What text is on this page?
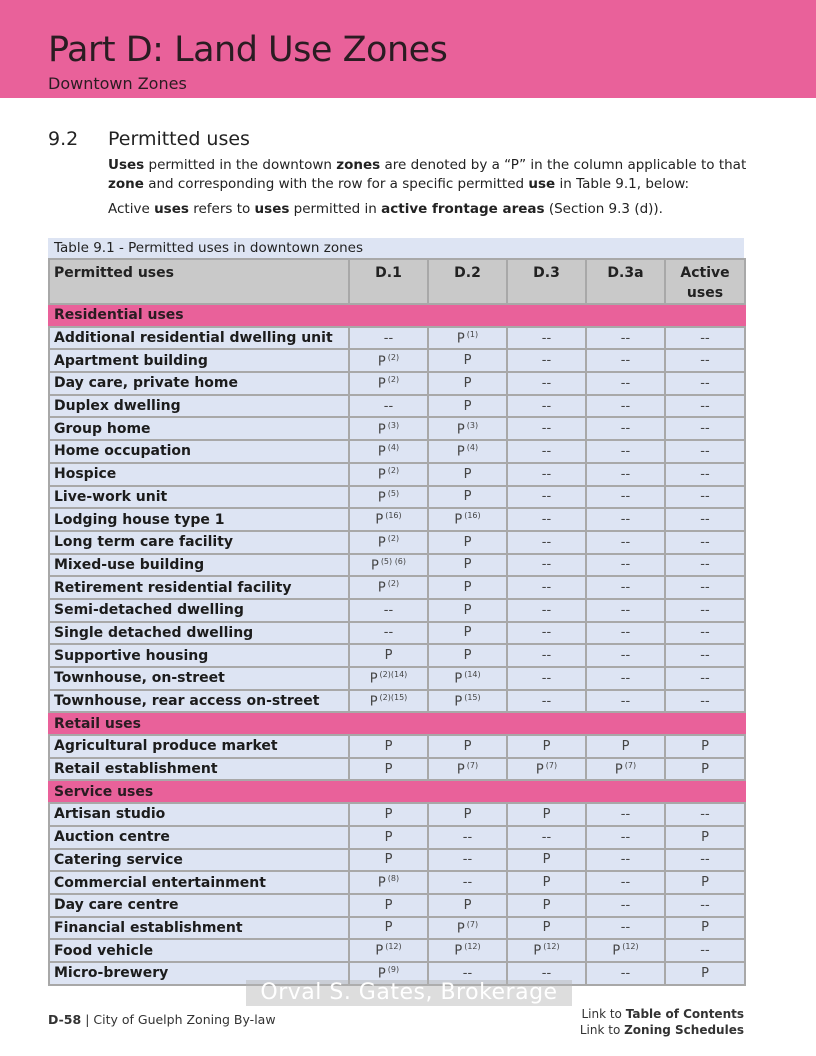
Part D: Land Use Zones
Downtown Zones
9.2 Permitted uses
Uses permitted in the downtown zones are denoted by a “P” in the column applicable to that zone and corresponding with the row for a specific permitted use in Table 9.1, below:
Active uses refers to uses permitted in active frontage areas (Section 9.3 (d)).
Table 9.1 - Permitted uses in downtown zones
Permitted uses	D.1	D.2	D.3	D.3a	Active uses
Residential uses					
Additional residential dwelling unit	--	P $^{(1)}$	--	--	--
Apartment building	P $^{(2)}$	P	--	--	--
Day care, private home	P $^{(2)}$	P	--	--	--
Duplex dwelling	--	P	--	--	--
Group home	P $^{(3)}$	P $^{(3)}$	--	--	--
Home occupation	P $^{(4)}$	P $^{(4)}$	--	--	--
Hospice	P $^{(2)}$	P	--	--	--
Live-work unit	P $^{(5)}$	P	--	--	--
Lodging house type 1	P $^{(16)}$	P $^{(16)}$	--	--	--
Long term care facility	P $^{(2)}$	P	--	--	--
Mixed-use building	P $^{(5) (6)}$	P	--	--	--
Retirement residential facility	P $^{(2)}$	P	--	--	--
Semi-detached dwelling	--	P	--	--	--
Single detached dwelling	--	P	--	--	--
Supportive housing	P	P	--	--	--
Townhouse, on-street	P $^{(2)(14)}$	P $^{(14)}$	--	--	--
Townhouse, rear access on-street	P $^{(2)(15)}$	P $^{(15)}$	--	--	--
Retail uses					
Agricultural produce market	P	P	P	P	P
Retail establishment	P	P $^{(7)}$	P $^{(7)}$	P $^{(7)}$	P
Service uses					
Artisan studio	P	P	P	--	--
Auction centre	P	--	--	--	P
Catering service	P	--	P	--	--
Commercial entertainment	P $^{(8)}$	--	P	--	P
Day care centre	P	P	P	--	--
Financial establishment	P	P $^{(7)}$	P	--	P
Food vehicle	P $^{(12)}$	P $^{(12)}$	P $^{(12)}$	P $^{(12)}$	--
Micro-brewery	P $^{(9)}$	--	--	--	P
Orval S. Gates, Brokerage
D-58 | City of Guelph Zoning By-law	Link to Table of Contents
Link to Zoning Schedules
